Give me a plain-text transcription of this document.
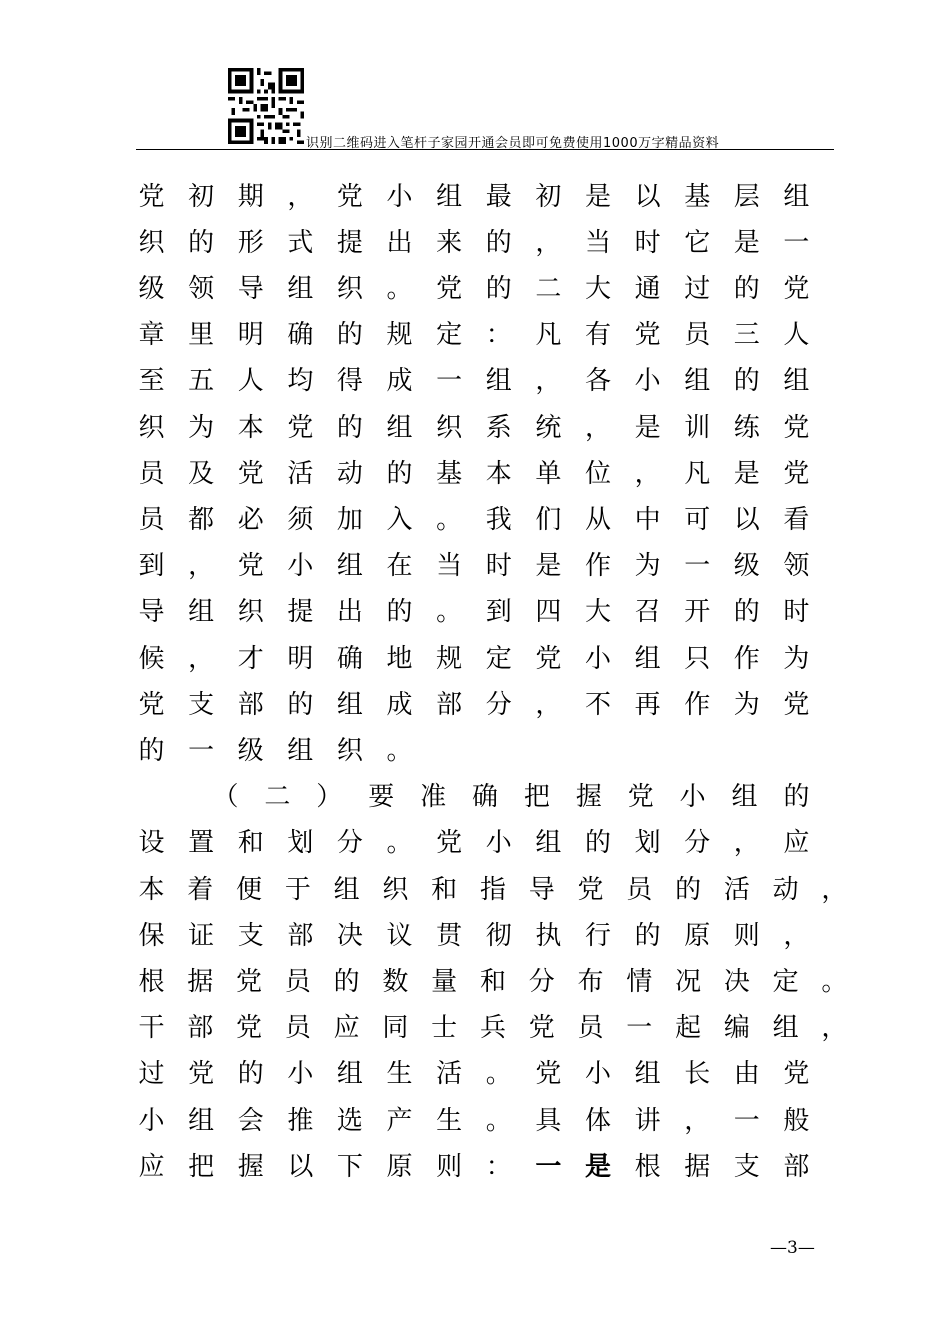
识别二维码进入笔杆子家园开通会员即可免费使用1000万字精品资料
党 初 期 ， 党 小 组 最 初 是 以 基 层 组
织 的 形 式 提 出 来 的 ， 当 时 它 是 一
级 领 导 组 织 。 党 的 二 大 通 过 的 党
章 里 明 确 的 规 定 ： 凡 有 党 员 三 人
至 五 人 均 得 成 一 组 ， 各 小 组 的 组
织 为 本 党 的 组 织 系 统 ， 是 训 练 党
员 及 党 活 动 的 基 本 单 位 ， 凡 是 党
员 都 必 须 加 入 。 我 们 从 中 可 以 看
到 ， 党 小 组 在 当 时 是 作 为 一 级 领
导 组 织 提 出 的 。 到 四 大 召 开 的 时
候 ， 才 明 确 地 规 定 党 小 组 只 作 为
党 支 部 的 组 成 部 分 ， 不 再 作 为 党
的 一 级 组 织 。
（ 二 ） 要 准 确 把 握 党 小 组 的
设 置 和 划 分 。 党 小 组 的 划 分 ， 应
本 着 便 于 组 织 和 指 导 党 员 的 活 动 ，
保 证 支 部 决 议 贯 彻 执 行 的 原 则 ，
根 据 党 员 的 数 量 和 分 布 情 况 决 定 。
干 部 党 员 应 同 士 兵 党 员 一 起 编 组 ，
过 党 的 小 组 生 活 。 党 小 组 长 由 党
小 组 会 推 选 产 生 。 具 体 讲 ， 一 般
应 把 握 以 下 原 则 ： 一 是 根 据 支 部
—3—
